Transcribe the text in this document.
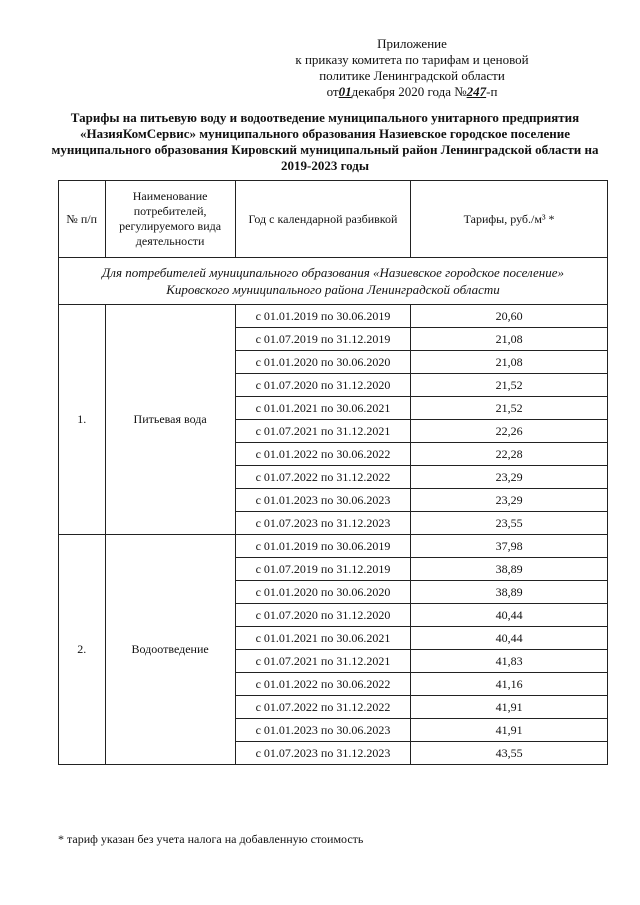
Приложение
к приказу комитета по тарифам и ценовой
политике Ленинградской области
от01декабря 2020 года №247-п
Тарифы на питьевую воду и водоотведение муниципального унитарного предприятия
«НазияКомСервис» муниципального образования Назиевское городское поселение
муниципального образования Кировский муниципальный район Ленинградской области на
2019-2023 годы
№ п/п	Наименование потребителей, регулируемого вида деятельности	Год с календарной разбивкой	Тарифы, руб./м³ *

Для потребителей муниципального образования «Назиевское городское поселение»
Кировского муниципального района Ленинградской области			

1.	Питьевая вода	с 01.01.2019 по 30.06.2019	20,60
		с 01.07.2019 по 31.12.2019	21,08
		с 01.01.2020 по 30.06.2020	21,08
		с 01.07.2020 по 31.12.2020	21,52
		с 01.01.2021 по 30.06.2021	21,52
		с 01.07.2021 по 31.12.2021	22,26
		с 01.01.2022 по 30.06.2022	22,28
		с 01.07.2022 по 31.12.2022	23,29
		с 01.01.2023 по 30.06.2023	23,29
		с 01.07.2023 по 31.12.2023	23,55
2.	Водоотведение	с 01.01.2019 по 30.06.2019	37,98
		с 01.07.2019 по 31.12.2019	38,89
		с 01.01.2020 по 30.06.2020	38,89
		с 01.07.2020 по 31.12.2020	40,44
		с 01.01.2021 по 30.06.2021	40,44
		с 01.07.2021 по 31.12.2021	41,83
		с 01.01.2022 по 30.06.2022	41,16
		с 01.07.2022 по 31.12.2022	41,91
		с 01.01.2023 по 30.06.2023	41,91
		с 01.07.2023 по 31.12.2023	43,55
* тариф указан без учета налога на добавленную стоимость
